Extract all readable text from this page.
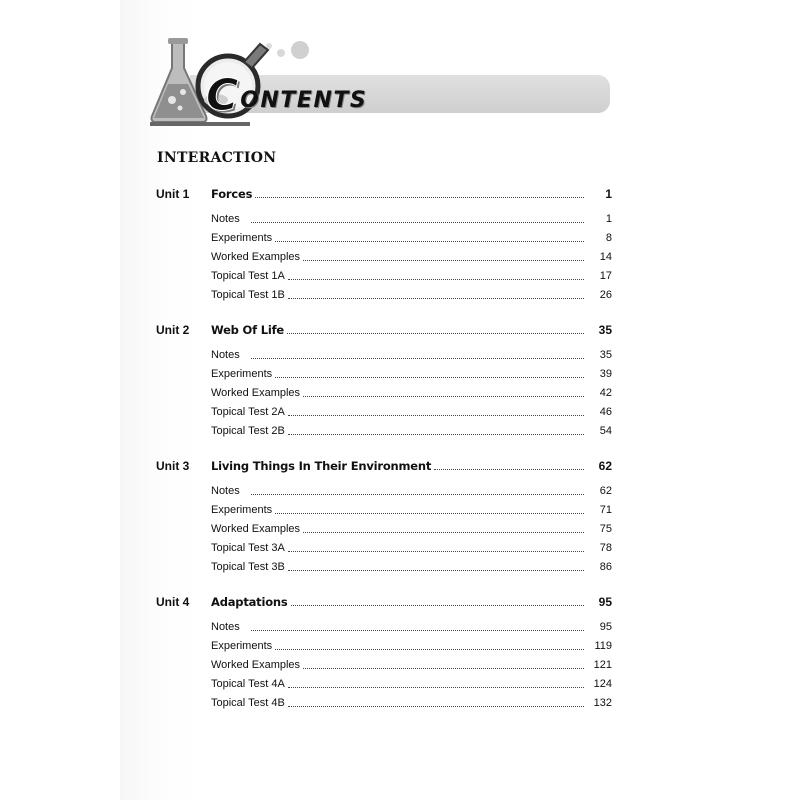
C ONTENTS
INTERACTION
Unit 1	Forces	1
Notes	1
Experiments	8
Worked Examples	14
Topical Test 1A	17
Topical Test 1B	26
Unit 2	Web Of Life	35
Notes	35
Experiments	39
Worked Examples	42
Topical Test 2A	46
Topical Test 2B	54
Unit 3	Living Things In Their Environment	62
Notes	62
Experiments	71
Worked Examples	75
Topical Test 3A	78
Topical Test 3B	86
Unit 4	Adaptations	95
Notes	95
Experiments	119
Worked Examples	121
Topical Test 4A	124
Topical Test 4B	132
